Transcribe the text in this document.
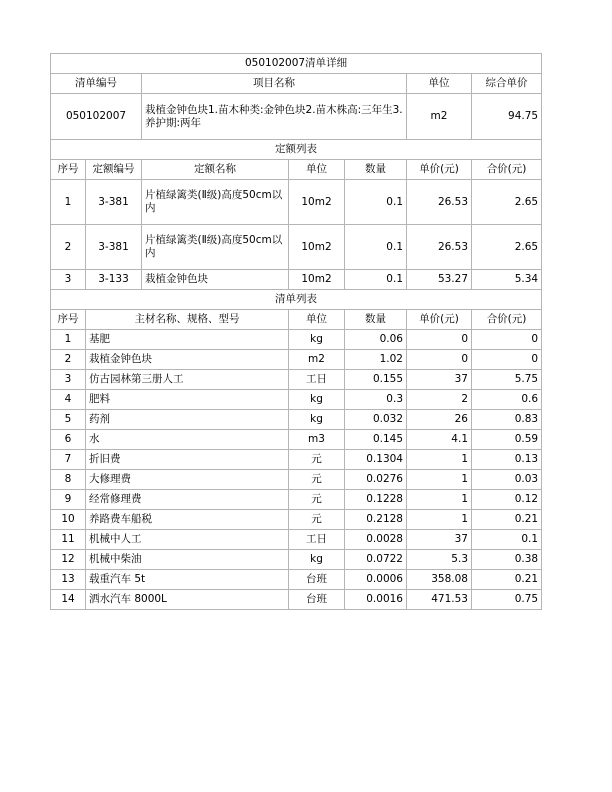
050102007清单详细						
清单编号		项目名称			单位	综合单价
050102007		栽植金钟色块1.苗木种类:金钟色块2.苗木株高:三年生3.养护期:两年			m2	94.75
定额列表						
序号	定额编号	定额名称	单位	数量	单价(元)	合价(元)
1	3-381	片植绿篱类(Ⅱ级)高度50cm以内	10m2	0.1	26.53	2.65
2	3-381	片植绿篱类(Ⅱ级)高度50cm以内	10m2	0.1	26.53	2.65
3	3-133	栽植金钟色块	10m2	0.1	53.27	5.34
清单列表						
序号	主材名称、规格、型号		单位	数量	单价(元)	合价(元)
1	基肥		kg	0.06	0	0
2	栽植金钟色块		m2	1.02	0	0
3	仿古园林第三册人工		工日	0.155	37	5.75
4	肥料		kg	0.3	2	0.6
5	药剂		kg	0.032	26	0.83
6	水		m3	0.145	4.1	0.59
7	折旧费		元	0.1304	1	0.13
8	大修理费		元	0.0276	1	0.03
9	经常修理费		元	0.1228	1	0.12
10	养路费车船税		元	0.2128	1	0.21
11	机械中人工		工日	0.0028	37	0.1
12	机械中柴油		kg	0.0722	5.3	0.38
13	载重汽车 5t		台班	0.0006	358.08	0.21
14	洒水汽车 8000L		台班	0.0016	471.53	0.75
